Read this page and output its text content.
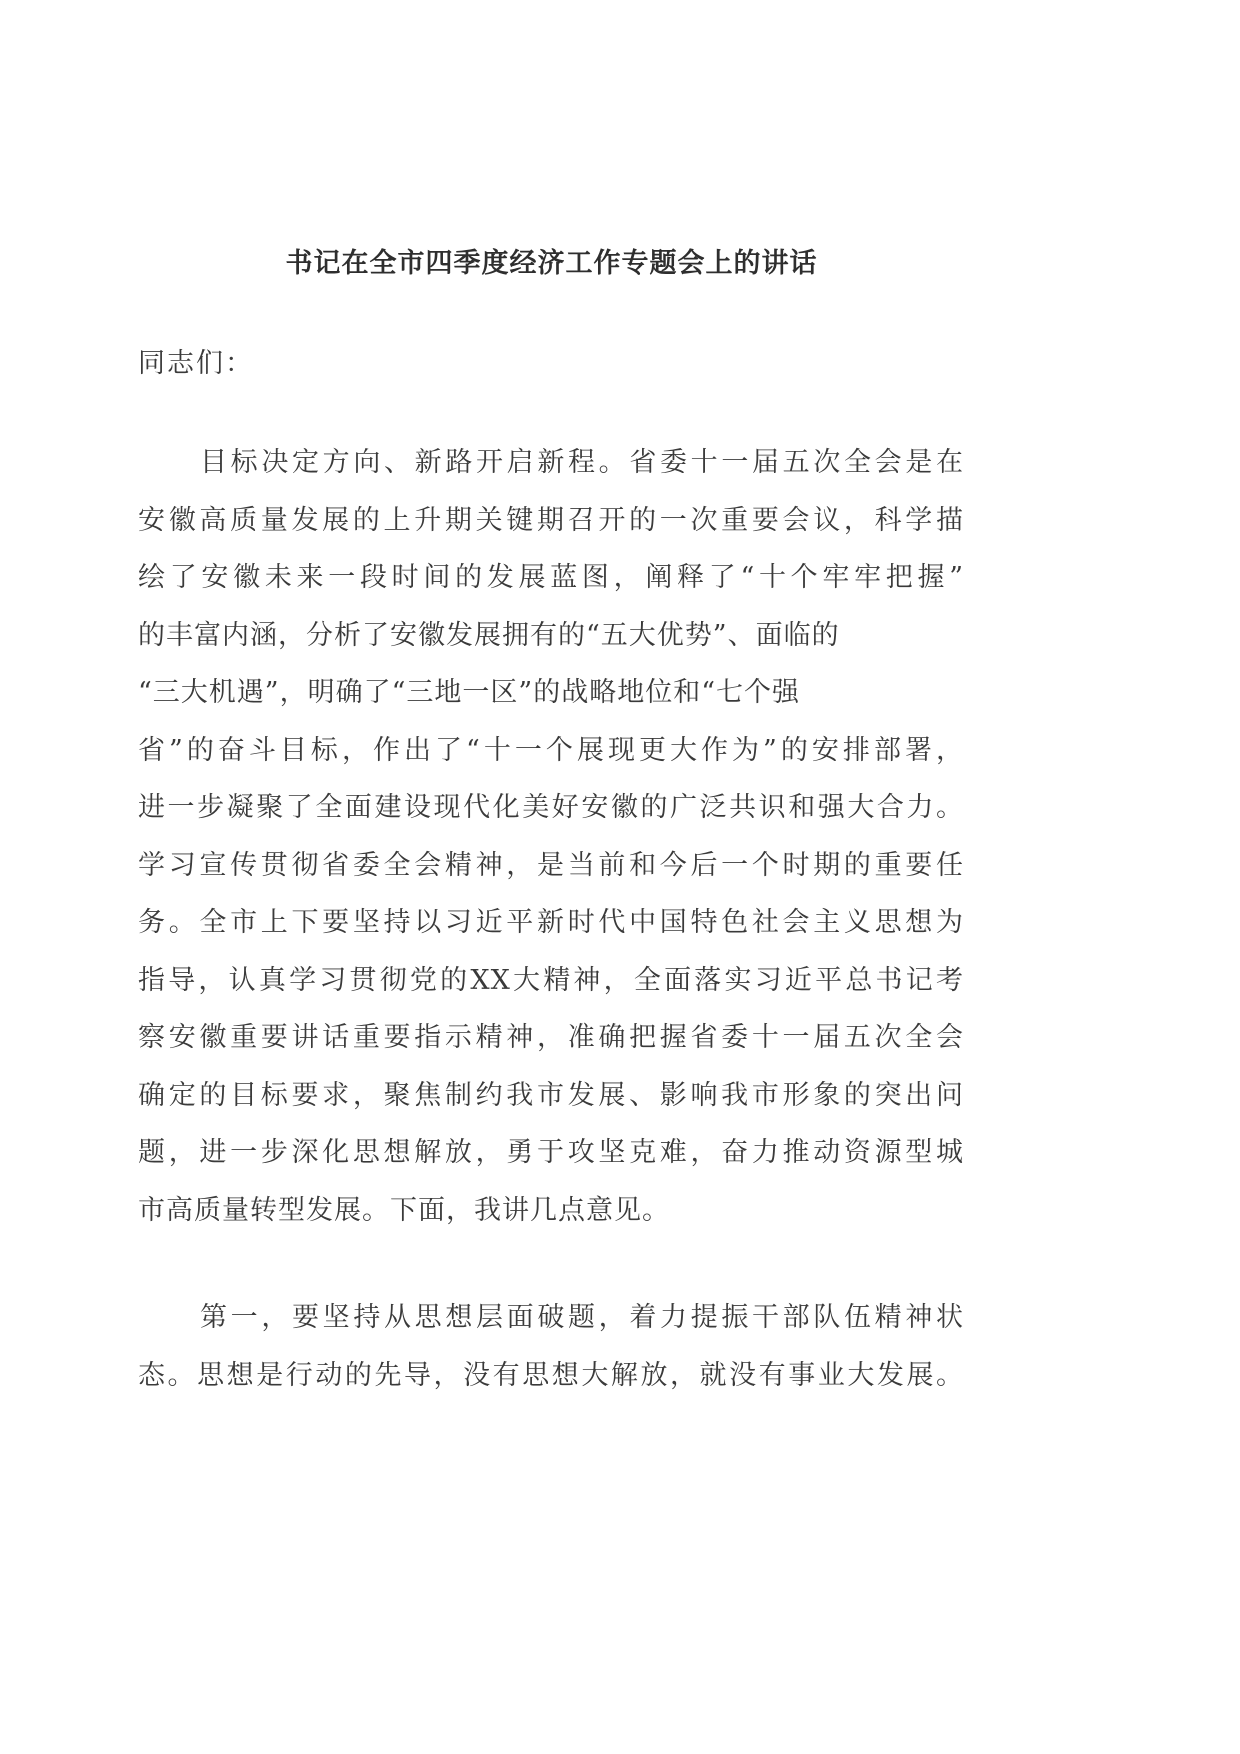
书记在全市四季度经济工作专题会上的讲话
同志们：
目标决定方向、新路开启新程。省委十一届五次全会是在
安徽高质量发展的上升期关键期召开的一次重要会议，科学描
绘了安徽未来一段时间的发展蓝图，阐释了“十个牢牢把握”
的丰富内涵，分析了安徽发展拥有的“五大优势”、面临的
“三大机遇”，明确了“三地一区”的战略地位和“七个强
省”的奋斗目标，作出了“十一个展现更大作为”的安排部署，
进一步凝聚了全面建设现代化美好安徽的广泛共识和强大合力。
学习宣传贯彻省委全会精神，是当前和今后一个时期的重要任
务。全市上下要坚持以习近平新时代中国特色社会主义思想为
指导，认真学习贯彻党的XX大精神，全面落实习近平总书记考
察安徽重要讲话重要指示精神，准确把握省委十一届五次全会
确定的目标要求，聚焦制约我市发展、影响我市形象的突出问
题，进一步深化思想解放，勇于攻坚克难，奋力推动资源型城
市高质量转型发展。下面，我讲几点意见。
第一，要坚持从思想层面破题，着力提振干部队伍精神状
态。思想是行动的先导，没有思想大解放，就没有事业大发展。
